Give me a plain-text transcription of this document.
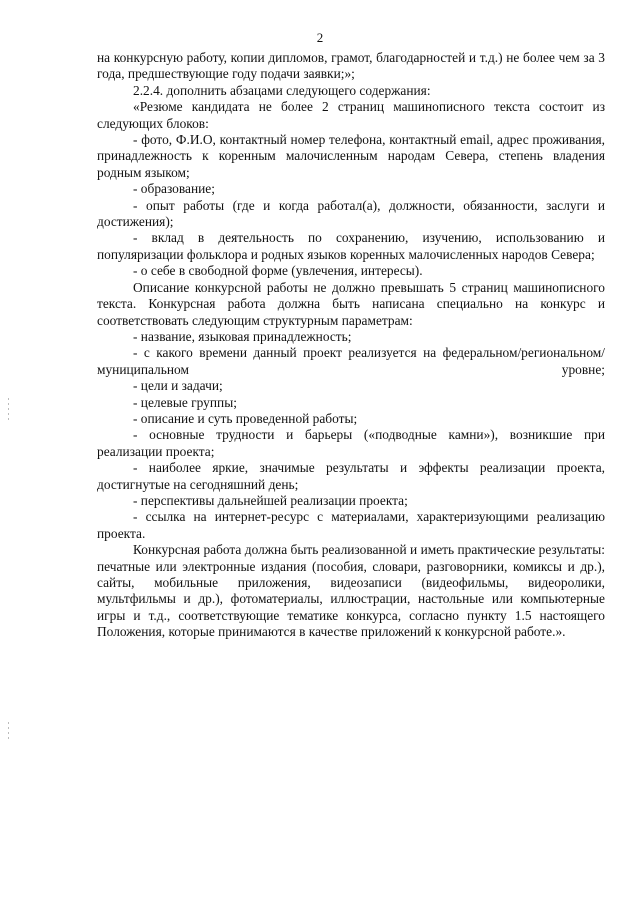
2

на конкурсную работу, копии дипломов, грамот, благодарностей и т.д.) не более чем за 3 года, предшествующие году подачи заявки;»;

2.2.4. дополнить абзацами следующего содержания:

«Резюме кандидата не более 2 страниц машинописного текста состоит из следующих блоков:

- фото, Ф.И.О, контактный номер телефона, контактный email, адрес проживания, принадлежность к коренным малочисленным народам Севера, степень владения родным языком;

- образование;

- опыт работы (где и когда работал(а), должности, обязанности, заслуги и достижения);

- вклад в деятельность по сохранению, изучению, использованию и популяризации фольклора и родных языков коренных малочисленных народов Севера;

- о себе в свободной форме (увлечения, интересы).

Описание конкурсной работы не должно превышать 5 страниц машинописного текста. Конкурсная работа должна быть написана специально на конкурс и соответствовать следующим структурным параметрам:

- название, языковая принадлежность;

- с какого времени данный проект реализуется на федеральном/региональном/муниципальном уровне;

- цели и задачи;

- целевые группы;

- описание и суть проведенной работы;

- основные трудности и барьеры («подводные камни»), возникшие при реализации проекта;

- наиболее яркие, значимые результаты и эффекты реализации проекта, достигнутые на сегодняшний день;

- перспективы дальнейшей реализации проекта;

- ссылка на интернет-ресурс с материалами, характеризующими реализацию проекта.

Конкурсная работа должна быть реализованной и иметь практические результаты: печатные или электронные издания (пособия, словари, разговорники, комиксы и др.), сайты, мобильные приложения, видеозаписи (видеофильмы, видеоролики, мультфильмы и др.), фотоматериалы, иллюстрации, настольные или компьютерные игры и т.д., соответствующие тематике конкурса, согласно пункту 1.5 настоящего Положения, которые принимаются в качестве приложений к конкурсной работе.».
